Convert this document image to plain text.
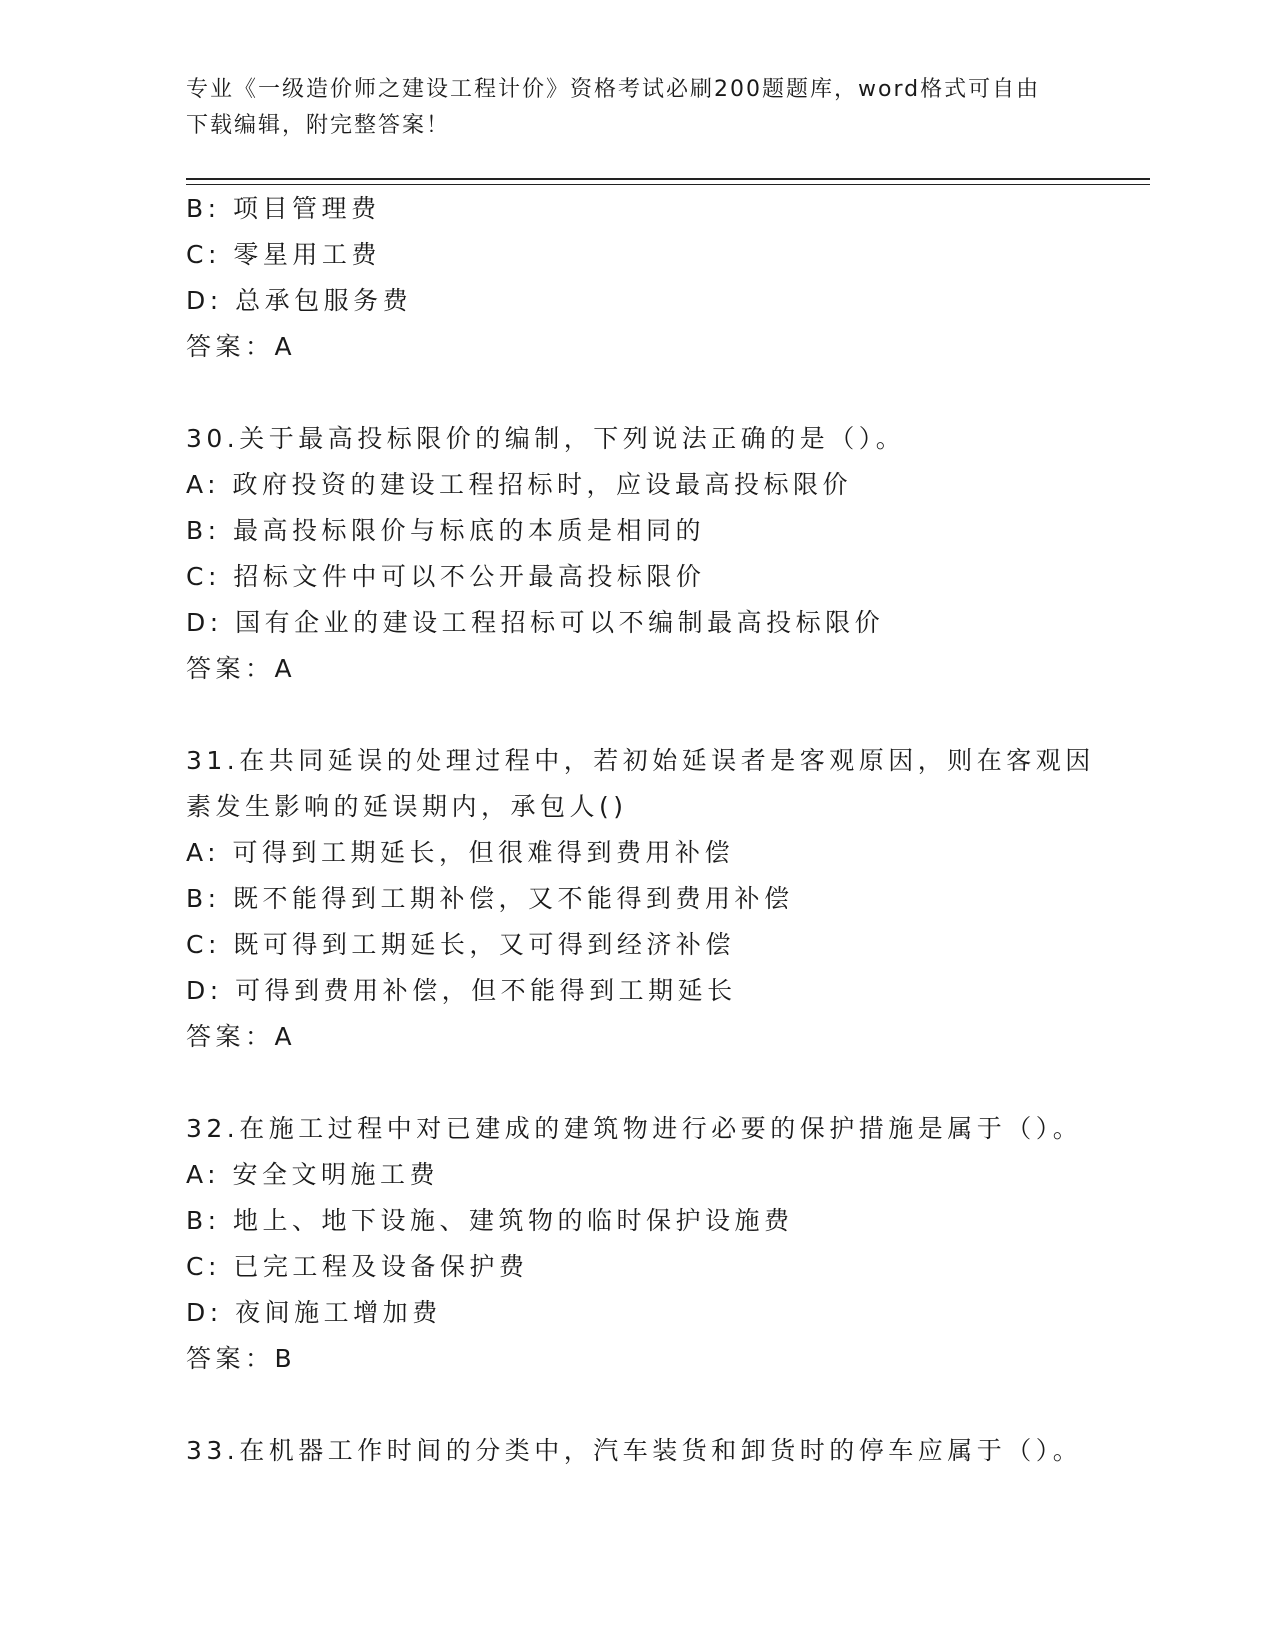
专业《一级造价师之建设工程计价》资格考试必刷200题题库，word格式可自由
下载编辑，附完整答案！
B: 项目管理费
C: 零星用工费
D: 总承包服务费
答案：A
30.关于最高投标限价的编制，下列说法正确的是（）。
A: 政府投资的建设工程招标时，应设最高投标限价
B: 最高投标限价与标底的本质是相同的
C: 招标文件中可以不公开最高投标限价
D: 国有企业的建设工程招标可以不编制最高投标限价
答案：A
31.在共同延误的处理过程中，若初始延误者是客观原因，则在客观因
素发生影响的延误期内，承包人()
A: 可得到工期延长，但很难得到费用补偿
B: 既不能得到工期补偿，又不能得到费用补偿
C: 既可得到工期延长，又可得到经济补偿
D: 可得到费用补偿，但不能得到工期延长
答案：A
32.在施工过程中对已建成的建筑物进行必要的保护措施是属于（）。
A: 安全文明施工费
B: 地上、地下设施、建筑物的临时保护设施费
C: 已完工程及设备保护费
D: 夜间施工增加费
答案：B
33.在机器工作时间的分类中，汽车装货和卸货时的停车应属于（）。
